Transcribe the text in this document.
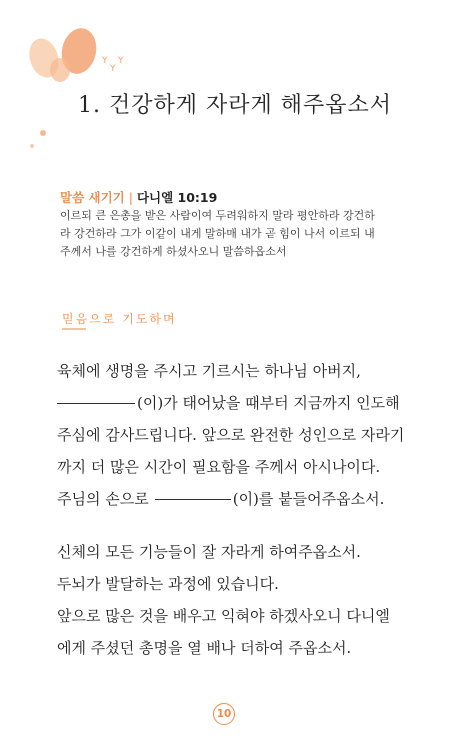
Y
Y
Y
1. 건강하게 자라게 해주옵소서
말씀 새기기 | 다니엘 10:19
이르되 큰 은총을 받은 사람이여 두려워하지 말라 평안하라 강건하
라 강건하라 그가 이같이 내게 말하매 내가 곧 힘이 나서 이르되 내
주께서 나를 강건하게 하셨사오니 말씀하옵소서
믿음으로 기도하며
육체에 생명을 주시고 기르시는 하나님 아버지,
(이)가 태어났을 때부터 지금까지 인도해
주심에 감사드립니다. 앞으로 완전한 성인으로 자라기
까지 더 많은 시간이 필요함을 주께서 아시나이다.
주님의 손으로	(이)를 붙들어주옵소서.
신체의 모든 기능들이 잘 자라게 하여주옵소서.
두뇌가 발달하는 과정에 있습니다.
앞으로 많은 것을 배우고 익혀야 하겠사오니 다니엘
에게 주셨던 총명을 열 배나 더하여 주옵소서.
10
